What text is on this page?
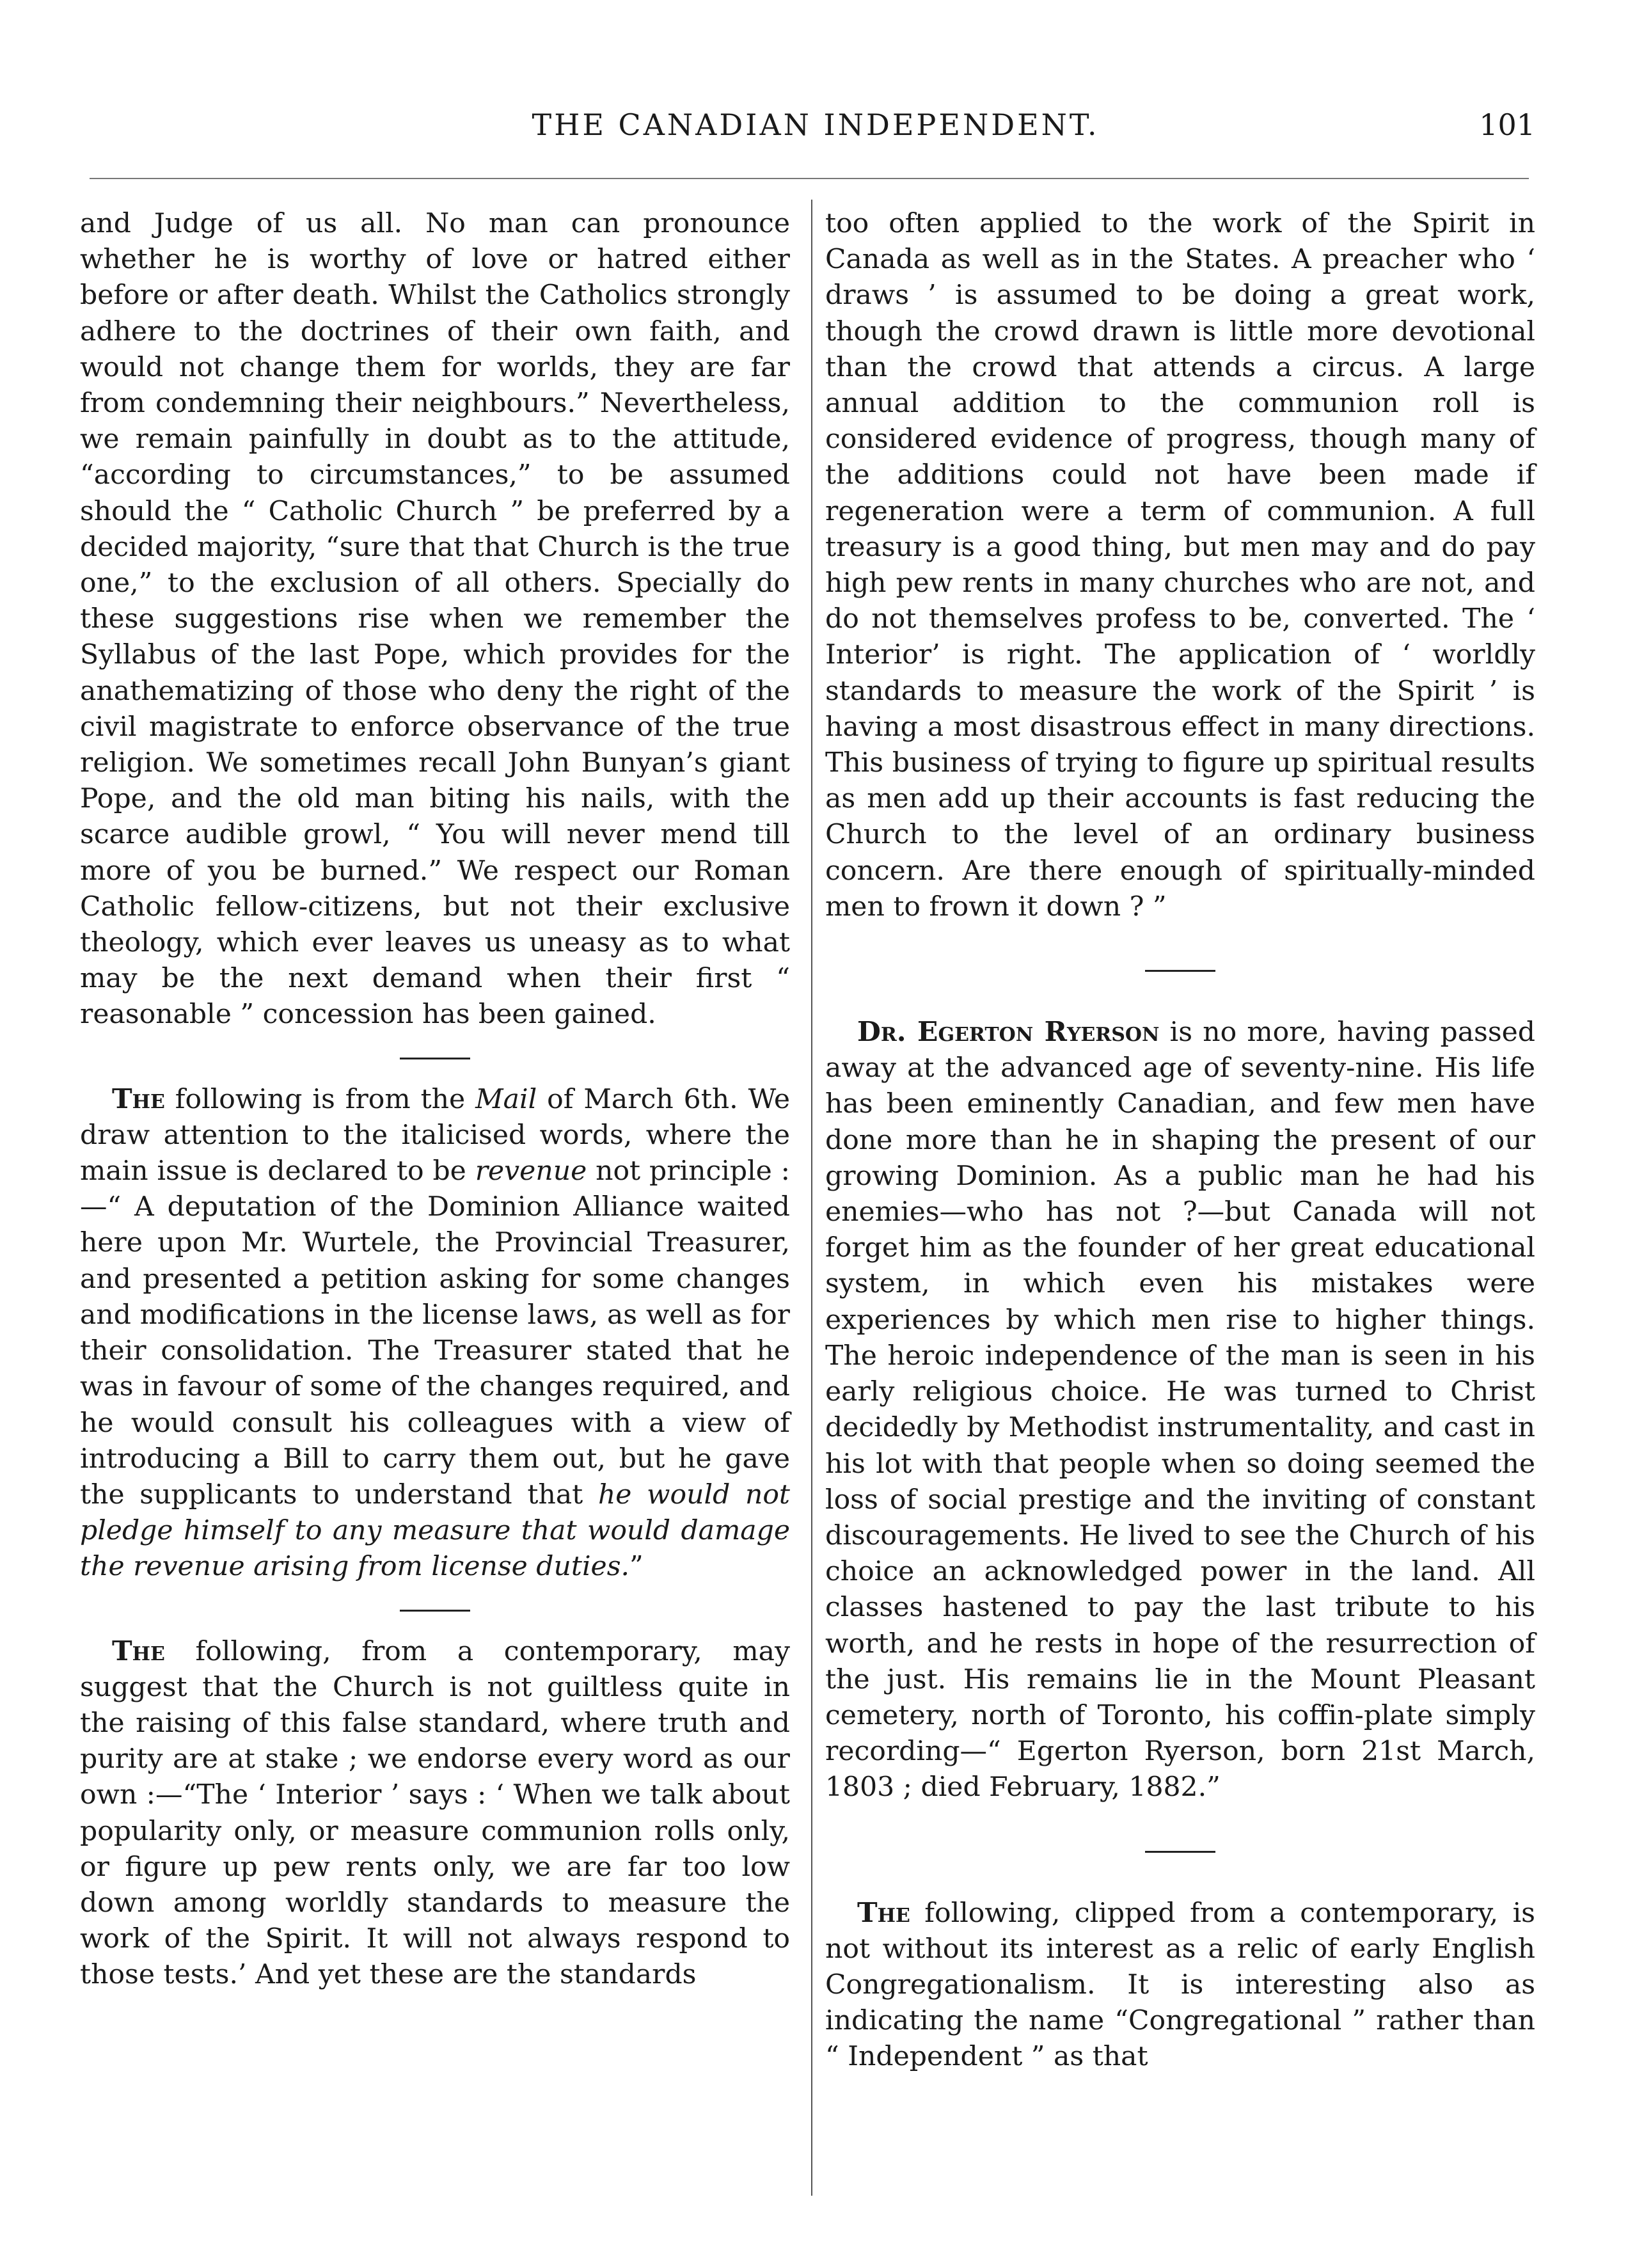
THE CANADIAN INDEPENDENT.	101

and Judge of us all. No man can pronounce whether he is worthy of love or hatred either before or after death. Whilst the Catholics strongly adhere to the doctrines of their own faith, and would not change them for worlds, they are far from condemning their neighbours.” Nevertheless, we remain painfully in doubt as to the attitude, “according to circumstances,” to be assumed should the “ Catholic Church ” be preferred by a decided majority, “sure that that Church is the true one,” to the exclusion of all others. Specially do these suggestions rise when we remember the Syllabus of the last Pope, which provides for the anathematizing of those who deny the right of the civil magistrate to enforce observance of the true religion. We sometimes recall John Bunyan’s giant Pope, and the old man biting his nails, with the scarce audible growl, “ You will never mend till more of you be burned.” We respect our Roman Catholic fellow-citizens, but not their exclusive theology, which ever leaves us uneasy as to what may be the next demand when their first “ reasonable ” concession has been gained.

The following is from the Mail of March 6th. We draw attention to the italicised words, where the main issue is declared to be revenue not principle :—“ A deputation of the Dominion Alliance waited here upon Mr. Wurtele, the Provincial Treasurer, and presented a petition asking for some changes and modifications in the license laws, as well as for their consolidation. The Treasurer stated that he was in favour of some of the changes required, and he would consult his colleagues with a view of introducing a Bill to carry them out, but he gave the supplicants to understand that he would not pledge himself to any measure that would damage the revenue arising from license duties.”

The following, from a contemporary, may suggest that the Church is not guiltless quite in the raising of this false standard, where truth and purity are at stake ; we endorse every word as our own :—“The ‘ Interior ’ says : ‘ When we talk about popularity only, or measure communion rolls only, or figure up pew rents only, we are far too low down among worldly standards to measure the work of the Spirit. It will not always respond to those tests.’ And yet these are the standards

too often applied to the work of the Spirit in Canada as well as in the States. A preacher who ‘ draws ’ is assumed to be doing a great work, though the crowd drawn is little more devotional than the crowd that attends a circus. A large annual addition to the communion roll is considered evidence of progress, though many of the additions could not have been made if regeneration were a term of communion. A full treasury is a good thing, but men may and do pay high pew rents in many churches who are not, and do not themselves profess to be, converted. The ‘ Interior’ is right. The application of ‘ worldly standards to measure the work of the Spirit ’ is having a most disastrous effect in many directions. This business of trying to figure up spiritual results as men add up their accounts is fast reducing the Church to the level of an ordinary business concern. Are there enough of spiritually-minded men to frown it down ? ”

Dr. Egerton Ryerson is no more, having passed away at the advanced age of seventy-nine. His life has been eminently Canadian, and few men have done more than he in shaping the present of our growing Dominion. As a public man he had his enemies—who has not ?—but Canada will not forget him as the founder of her great educational system, in which even his mistakes were experiences by which men rise to higher things. The heroic independence of the man is seen in his early religious choice. He was turned to Christ decidedly by Methodist instrumentality, and cast in his lot with that people when so doing seemed the loss of social prestige and the inviting of constant discouragements. He lived to see the Church of his choice an acknowledged power in the land. All classes hastened to pay the last tribute to his worth, and he rests in hope of the resurrection of the just. His remains lie in the Mount Pleasant cemetery, north of Toronto, his coffin-plate simply recording—“ Egerton Ryerson, born 21st March, 1803 ; died February, 1882.”

The following, clipped from a contemporary, is not without its interest as a relic of early English Congregationalism. It is interesting also as indicating the name “Congregational ” rather than “ Independent ” as that
